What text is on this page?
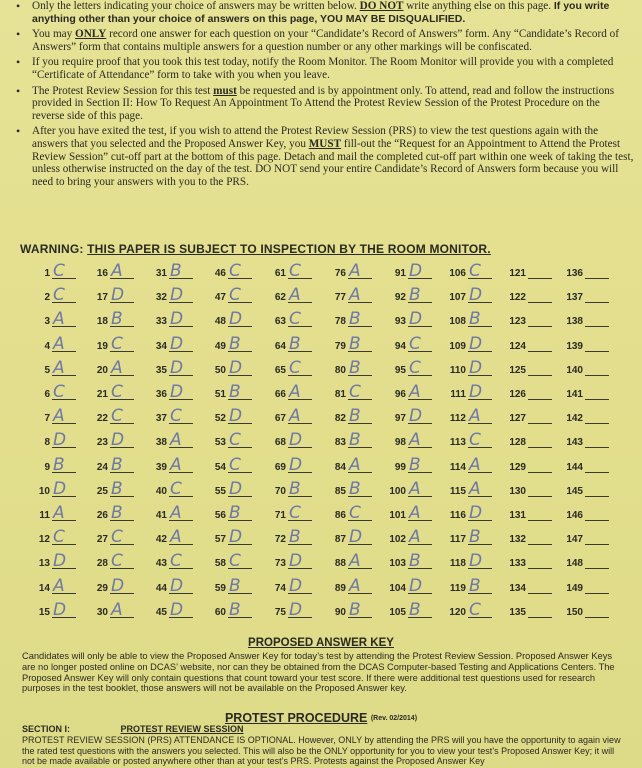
• Only the letters indicating your choice of answers may be written below. DO NOT write anything else on this page. If you write anything other than your choice of answers on this page, YOU MAY BE DISQUALIFIED.
• You may ONLY record one answer for each question on your “Candidate’s Record of Answers” form. Any “Candidate’s Record of Answers” form that contains multiple answers for a question number or any other markings will be confiscated.
• If you require proof that you took this test today, notify the Room Monitor. The Room Monitor will provide you with a completed “Certificate of Attendance” form to take with you when you leave.
• The Protest Review Session for this test must be requested and is by appointment only. To attend, read and follow the instructions provided in Section II: How To Request An Appointment To Attend the Protest Review Session of the Protest Procedure on the reverse side of this page.
• After you have exited the test, if you wish to attend the Protest Review Session (PRS) to view the test questions again with the answers that you selected and the Proposed Answer Key, you MUST fill-out the “Request for an Appointment to Attend the Protest Review Session” cut-off part at the bottom of this page. Detach and mail the completed cut-off part within one week of taking the test, unless otherwise instructed on the day of the test. DO NOT send your entire Candidate’s Record of Answers form because you will need to bring your answers with you to the PRS.
WARNING: THIS PAPER IS SUBJECT TO INSPECTION BY THE ROOM MONITOR.
1 C
2 C
3 A
4 A
5 A
6 C
7 A
8 D
9 B
10 D
11 A
12 C
13 D
14 A
15 D
16 A
17 D
18 B
19 C
20 A
21 C
22 C
23 D
24 B
25 B
26 B
27 C
28 C
29 D
30 A
31 B
32 D
33 D
34 D
35 D
36 D
37 C
38 A
39 A
40 C
41 A
42 A
43 C
44 D
45 D
46 C
47 C
48 D
49 B
50 D
51 B
52 D
53 C
54 C
55 D
56 B
57 D
58 C
59 B
60 B
61 C
62 A
63 C
64 B
65 C
66 A
67 A
68 D
69 D
70 B
71 C
72 B
73 D
74 D
75 D
76 A
77 A
78 B
79 B
80 B
81 C
82 B
83 B
84 A
85 B
86 C
87 D
88 A
89 A
90 B
91 D
92 B
93 D
94 C
95 C
96 A
97 D
98 A
99 B
100 A
101 A
102 A
103 B
104 D
105 B
106 C
107 D
108 B
109 D
110 D
111 D
112 A
113 C
114 A
115 A
116 D
117 B
118 D
119 B
120 C
121
122
123
124
125
126
127
128
129
130
131
132
133
134
135
136
137
138
139
140
141
142
143
144
145
146
147
148
149
150
PROPOSED ANSWER KEY
Candidates will only be able to view the Proposed Answer Key for today’s test by attending the Protest Review Session. Proposed Answer Keys are no longer posted online on DCAS’ website, nor can they be obtained from the DCAS Computer-based Testing and Applications Centers. The Proposed Answer Key will only contain questions that count toward your test score. If there were additional test questions used for research purposes in the test booklet, those answers will not be available on the Proposed Answer key.
PROTEST PROCEDURE (Rev. 02/2014)
SECTION I:	PROTEST REVIEW SESSION
PROTEST REVIEW SESSION (PRS) ATTENDANCE IS OPTIONAL. However, ONLY by attending the PRS will you have the opportunity to again view the rated test questions with the answers you selected. This will also be the ONLY opportunity for you to view your test’s Proposed Answer Key; it will not be made available or posted anywhere other than at your test’s PRS. Protests against the Proposed Answer Key
